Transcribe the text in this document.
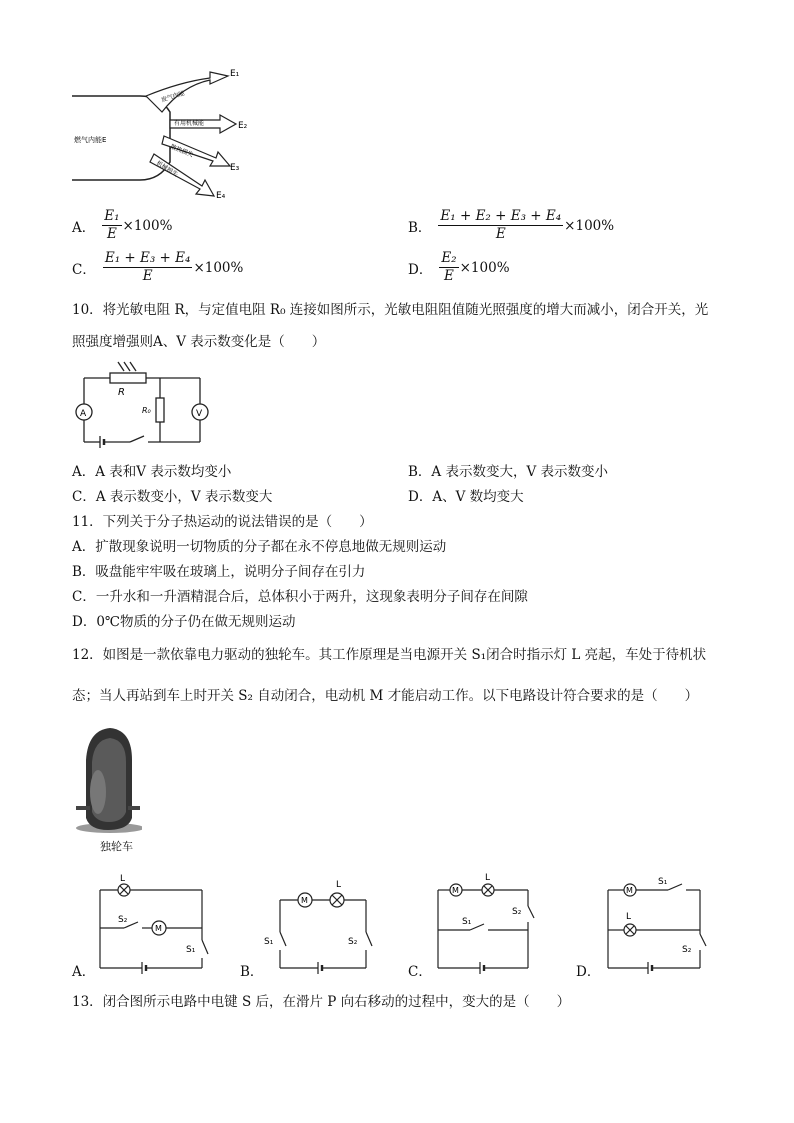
燃气内能E
废气内能
有用机械能
散热损失
机械损失
E₁
E₂
E₃
E₄
A． $\frac{\text{E₁}}{E} \times 100\%$	B． $\frac{\text{E₁ + E₂ + E₃ + E₄}}{E} \times 100\%$
C． $\frac{\text{E₁ + E₃ + E₄}}{E} \times 100\%$	D． $\frac{\text{E₂}}{E} \times 100\%$
10．将光敏电阻 R，与定值电阻 R₀ 连接如图所示，光敏电阻阻值随光照强度的增大而减小，闭合开关，光
照强度增强则A、V 表示数变化是（　　）
R
R₀
A	V
A．A 表和V 表示数均变小	B．A 表示数变大，V 表示数变小
C．A 表示数变小，V 表示数变大	D．A、V 数均变大
11．下列关于分子热运动的说法错误的是（　　）
A．扩散现象说明一切物质的分子都在永不停息地做无规则运动
B．吸盘能牢牢吸在玻璃上，说明分子间存在引力
C．一升水和一升酒精混合后，总体积小于两升，这现象表明分子间存在间隙
D．0℃物质的分子仍在做无规则运动
12．如图是一款依靠电力驱动的独轮车。其工作原理是当电源开关 S₁闭合时指示灯 L 亮起，车处于待机状
态；当人再站到车上时开关 S₂ 自动闭合，电动机 M 才能启动工作。以下电路设计符合要求的是（　　）
独轮车
A．
L
S₂
M
S₁
B．
M
L
S₁	S₂
C．
M
L
S₂
S₁
D．
M
S₁
L
S₂
13．闭合图所示电路中电键 S 后，在滑片 P 向右移动的过程中，变大的是（　　）
